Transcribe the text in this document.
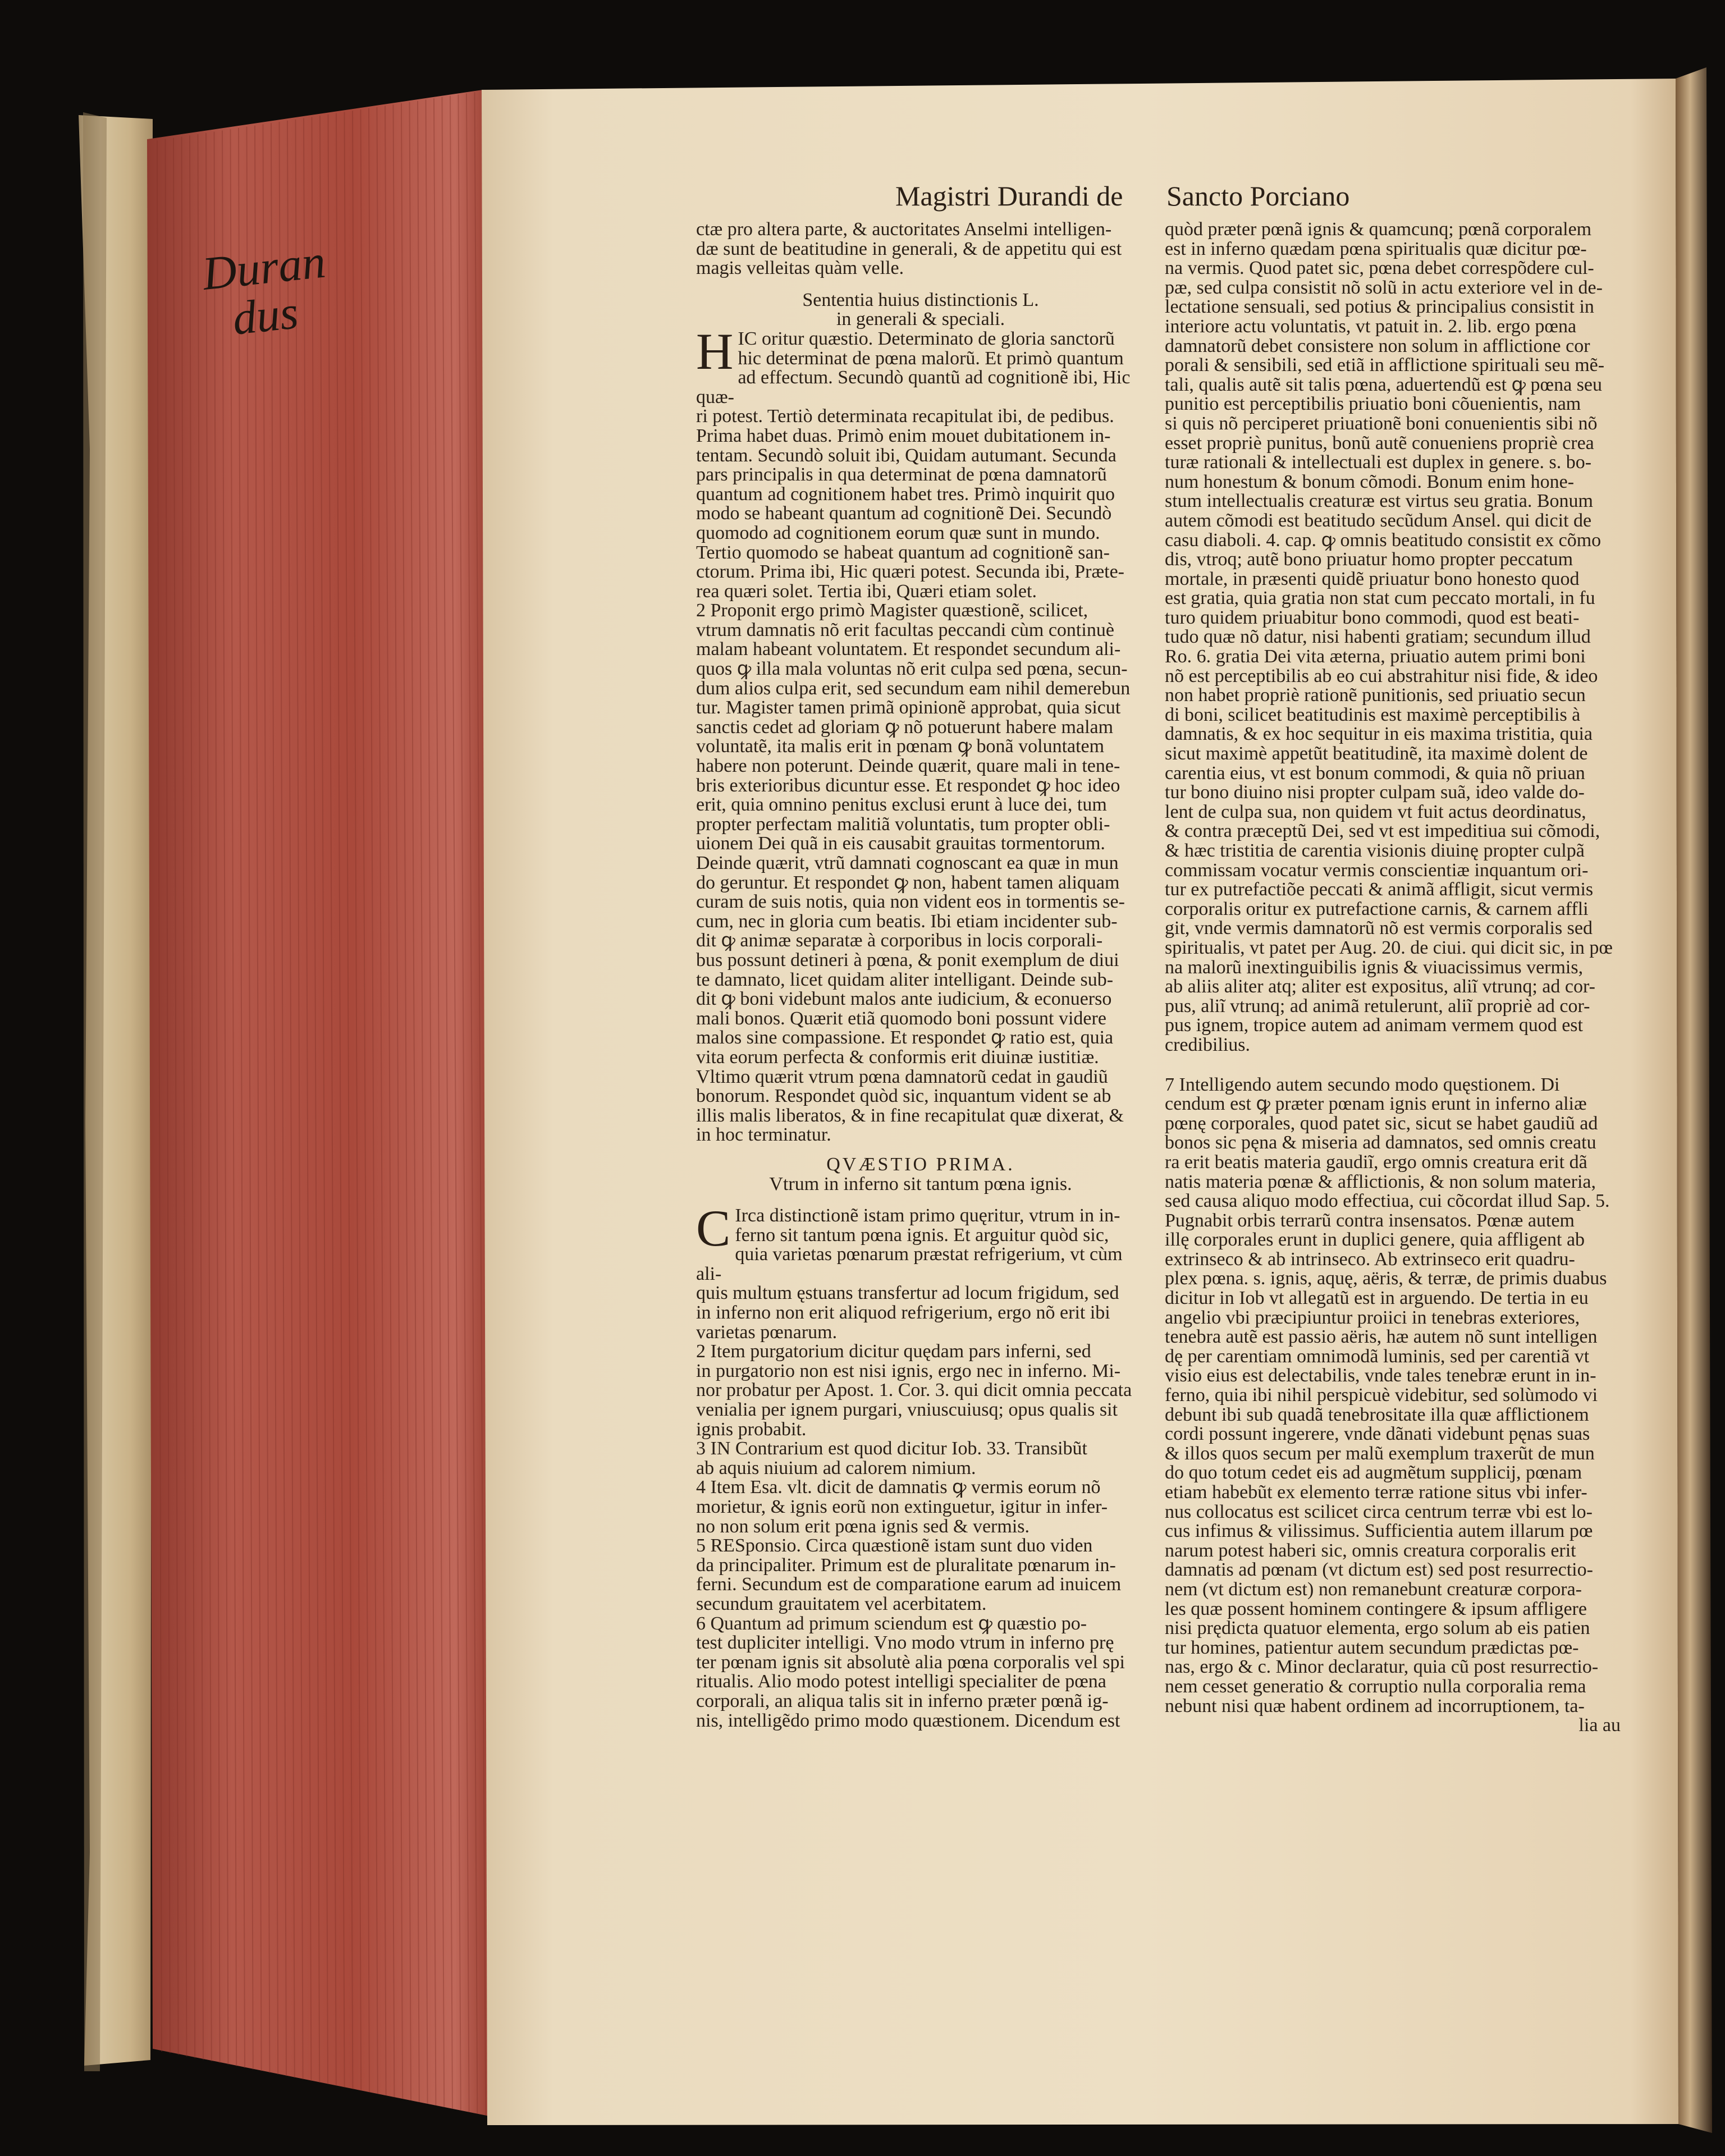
Duran
dus
Magistri Durandi de Sancto Porciano

ctæ pro altera parte, & auctoritates Anselmi intelligen-

dæ sunt de beatitudine in generali, & de appetitu qui est

magis velleitas quàm velle.

Sententia huius distinctionis L.

in generali & speciali.

H IC oritur quæstio. Determinato de gloria sanctorũ

hic determinat de pœna malorũ. Et primò quantum

ad effectum. Secundò quantũ ad cognitionẽ ibi, Hic quæ-

ri potest. Tertiò determinata recapitulat ibi, de pedibus.

Prima habet duas. Primò enim mouet dubitationem in-

tentam. Secundò soluit ibi, Quidam autumant. Secunda

pars principalis in qua determinat de pœna damnatorũ

quantum ad cognitionem habet tres. Primò inquirit quo

modo se habeant quantum ad cognitionẽ Dei. Secundò

quomodo ad cognitionem eorum quæ sunt in mundo.

Tertio quomodo se habeat quantum ad cognitionẽ san-

ctorum. Prima ibi, Hic quæri potest. Secunda ibi, Præte-

rea quæri solet. Tertia ibi, Quæri etiam solet.

2 Proponit ergo primò Magister quæstionẽ, scilicet,

vtrum damnatis nõ erit facultas peccandi cùm continuè

malam habeant voluntatem. Et respondet secundum ali-

quos ꝙ illa mala voluntas nõ erit culpa sed pœna, secun-

dum alios culpa erit, sed secundum eam nihil demerebun

tur. Magister tamen primã opinionẽ approbat, quia sicut

sanctis cedet ad gloriam ꝙ nõ potuerunt habere malam

voluntatẽ, ita malis erit in pœnam ꝙ bonã voluntatem

habere non poterunt. Deinde quærit, quare mali in tene-

bris exterioribus dicuntur esse. Et respondet ꝙ hoc ideo

erit, quia omnino penitus exclusi erunt à luce dei, tum

propter perfectam malitiã voluntatis, tum propter obli-

uionem Dei quã in eis causabit grauitas tormentorum.

Deinde quærit, vtrũ damnati cognoscant ea quæ in mun

do geruntur. Et respondet ꝙ non, habent tamen aliquam

curam de suis notis, quia non vident eos in tormentis se-

cum, nec in gloria cum beatis. Ibi etiam incidenter sub-

dit ꝙ animæ separatæ à corporibus in locis corporali-

bus possunt detineri à pœna, & ponit exemplum de diui

te damnato, licet quidam aliter intelligant. Deinde sub-

dit ꝙ boni videbunt malos ante iudicium, & econuerso

mali bonos. Quærit etiã quomodo boni possunt videre

malos sine compassione. Et respondet ꝙ ratio est, quia

vita eorum perfecta & conformis erit diuinæ iustitiæ.

Vltimo quærit vtrum pœna damnatorũ cedat in gaudiũ

bonorum. Respondet quòd sic, inquantum vident se ab

illis malis liberatos, & in fine recapitulat quæ dixerat, &

in hoc terminatur.

QVÆSTIO PRIMA.

Vtrum in inferno sit tantum pœna ignis.

C Irca distinctionẽ istam primo quęritur, vtrum in in-

ferno sit tantum pœna ignis. Et arguitur quòd sic,

quia varietas pœnarum præstat refrigerium, vt cùm ali-

quis multum ęstuans transfertur ad locum frigidum, sed

in inferno non erit aliquod refrigerium, ergo nõ erit ibi

varietas pœnarum.

2 Item purgatorium dicitur quędam pars inferni, sed

in purgatorio non est nisi ignis, ergo nec in inferno. Mi-

nor probatur per Apost. 1. Cor. 3. qui dicit omnia peccata

venialia per ignem purgari, vniuscuiusq; opus qualis sit

ignis probabit.

3 IN Contrarium est quod dicitur Iob. 33. Transibũt

ab aquis niuium ad calorem nimium.

4 Item Esa. vlt. dicit de damnatis ꝙ vermis eorum nõ

morietur, & ignis eorũ non extinguetur, igitur in infer-

no non solum erit pœna ignis sed & vermis.

5 RESponsio. Circa quæstionẽ istam sunt duo viden

da principaliter. Primum est de pluralitate pœnarum in-

ferni. Secundum est de comparatione earum ad inuicem

secundum grauitatem vel acerbitatem.

6 Quantum ad primum sciendum est ꝙ quæstio po-

test dupliciter intelligi. Vno modo vtrum in inferno prę

ter pœnam ignis sit absolutè alia pœna corporalis vel spi

ritualis. Alio modo potest intelligi specialiter de pœna

corporali, an aliqua talis sit in inferno præter pœnã ig-

nis, intelligẽdo primo modo quæstionem. Dicendum est

quòd præter pœnã ignis & quamcunq; pœnã corporalem

est in inferno quædam pœna spiritualis quæ dicitur pœ-

na vermis. Quod patet sic, pœna debet correspõdere cul-

pæ, sed culpa consistit nõ solũ in actu exteriore vel in de-

lectatione sensuali, sed potius & principalius consistit in

interiore actu voluntatis, vt patuit in. 2. lib. ergo pœna

damnatorũ debet consistere non solum in afflictione cor

porali & sensibili, sed etiã in afflictione spirituali seu mẽ-

tali, qualis autẽ sit talis pœna, aduertendũ est ꝙ pœna seu

punitio est perceptibilis priuatio boni cõuenientis, nam

si quis nõ perciperet priuationẽ boni conuenientis sibi nõ

esset propriè punitus, bonũ autẽ conueniens propriè crea

turæ rationali & intellectuali est duplex in genere. s. bo-

num honestum & bonum cõmodi. Bonum enim hone-

stum intellectualis creaturæ est virtus seu gratia. Bonum

autem cõmodi est beatitudo secũdum Ansel. qui dicit de

casu diaboli. 4. cap. ꝙ omnis beatitudo consistit ex cõmo

dis, vtroq; autẽ bono priuatur homo propter peccatum

mortale, in præsenti quidẽ priuatur bono honesto quod

est gratia, quia gratia non stat cum peccato mortali, in fu

turo quidem priuabitur bono commodi, quod est beati-

tudo quæ nõ datur, nisi habenti gratiam; secundum illud

Ro. 6. gratia Dei vita æterna, priuatio autem primi boni

nõ est perceptibilis ab eo cui abstrahitur nisi fide, & ideo

non habet propriè rationẽ punitionis, sed priuatio secun

di boni, scilicet beatitudinis est maximè perceptibilis à

damnatis, & ex hoc sequitur in eis maxima tristitia, quia

sicut maximè appetũt beatitudinẽ, ita maximè dolent de

carentia eius, vt est bonum commodi, & quia nõ priuan

tur bono diuino nisi propter culpam suã, ideo valde do-

lent de culpa sua, non quidem vt fuit actus deordinatus,

& contra præceptũ Dei, sed vt est impeditiua sui cõmodi,

& hæc tristitia de carentia visionis diuinę propter culpã

commissam vocatur vermis conscientiæ inquantum ori-

tur ex putrefactiõe peccati & animã affligit, sicut vermis

corporalis oritur ex putrefactione carnis, & carnem affli

git, vnde vermis damnatorũ nõ est vermis corporalis sed

spiritualis, vt patet per Aug. 20. de ciui. qui dicit sic, in pœ

na malorũ inextinguibilis ignis & viuacissimus vermis,

ab aliis aliter atq; aliter est expositus, aliĩ vtrunq; ad cor-

pus, aliĩ vtrunq; ad animã retulerunt, aliĩ propriè ad cor-

pus ignem, tropice autem ad animam vermem quod est

credibilius.

7 Intelligendo autem secundo modo quęstionem. Di

cendum est ꝙ præter pœnam ignis erunt in inferno aliæ

pœnę corporales, quod patet sic, sicut se habet gaudiũ ad

bonos sic pęna & miseria ad damnatos, sed omnis creatu

ra erit beatis materia gaudiĩ, ergo omnis creatura erit dã

natis materia pœnæ & afflictionis, & non solum materia,

sed causa aliquo modo effectiua, cui cõcordat illud Sap. 5.

Pugnabit orbis terrarũ contra insensatos. Pœnæ autem

illę corporales erunt in duplici genere, quia affligent ab

extrinseco & ab intrinseco. Ab extrinseco erit quadru-

plex pœna. s. ignis, aquę, aëris, & terræ, de primis duabus

dicitur in Iob vt allegatũ est in arguendo. De tertia in eu

angelio vbi præcipiuntur proiici in tenebras exteriores,

tenebra autẽ est passio aëris, hæ autem nõ sunt intelligen

dę per carentiam omnimodã luminis, sed per carentiã vt

visio eius est delectabilis, vnde tales tenebræ erunt in in-

ferno, quia ibi nihil perspicuè videbitur, sed solùmodo vi

debunt ibi sub quadã tenebrositate illa quæ afflictionem

cordi possunt ingerere, vnde dãnati videbunt pęnas suas

& illos quos secum per malũ exemplum traxerũt de mun

do quo totum cedet eis ad augmẽtum supplicij, pœnam

etiam habebũt ex elemento terræ ratione situs vbi infer-

nus collocatus est scilicet circa centrum terræ vbi est lo-

cus infimus & vilissimus. Sufficientia autem illarum pœ

narum potest haberi sic, omnis creatura corporalis erit

damnatis ad pœnam (vt dictum est) sed post resurrectio-

nem (vt dictum est) non remanebunt creaturæ corpora-

les quæ possent hominem contingere & ipsum affligere

nisi prędicta quatuor elementa, ergo solum ab eis patien

tur homines, patientur autem secundum prædictas pœ-

nas, ergo & c. Minor declaratur, quia cũ post resurrectio-

nem cesset generatio & corruptio nulla corporalia rema

nebunt nisi quæ habent ordinem ad incorruptionem, ta-

lia au
